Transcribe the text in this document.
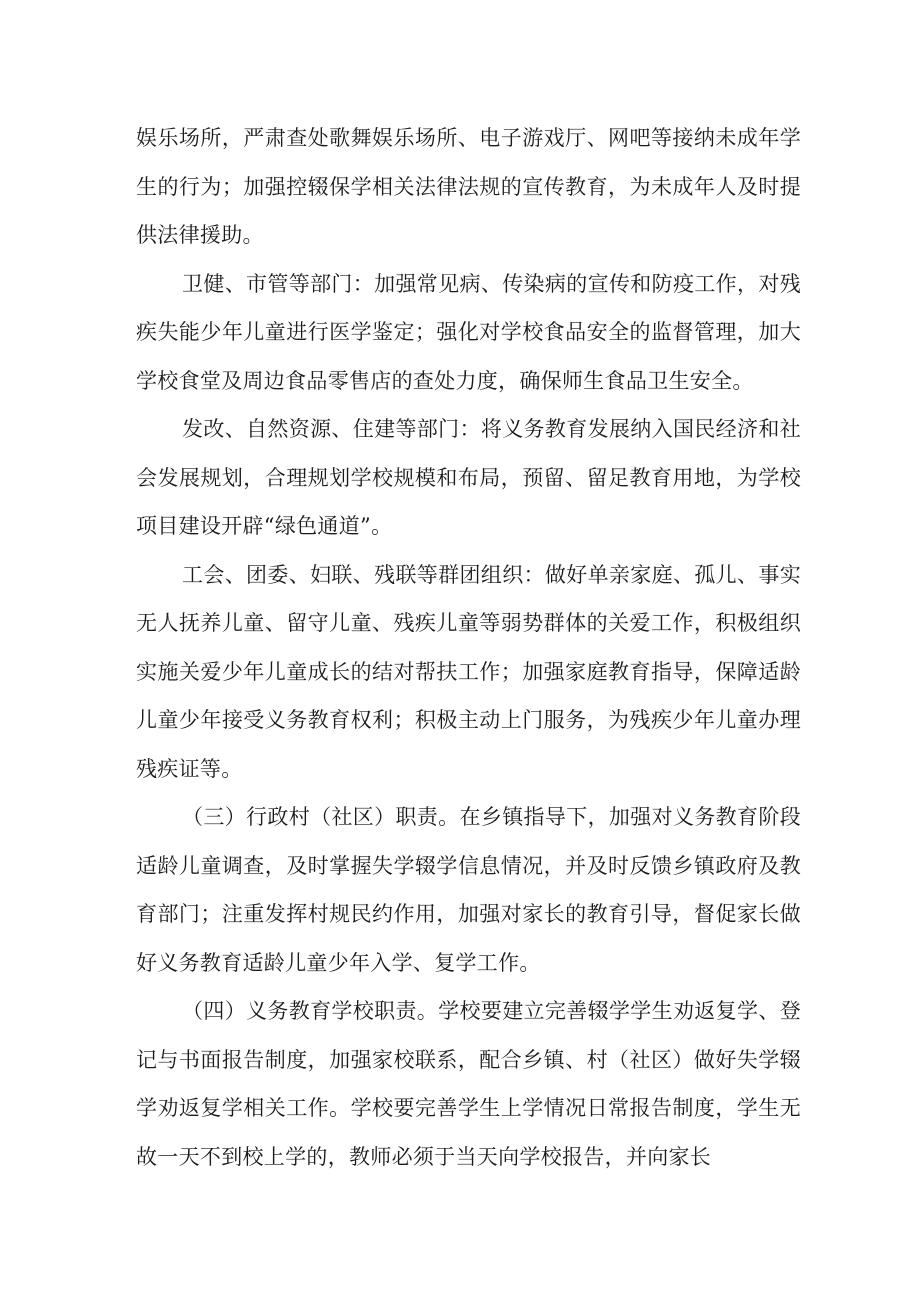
娱乐场所，严肃查处歌舞娱乐场所、电子游戏厅、网吧等接纳未成年学生的行为；加强控辍保学相关法律法规的宣传教育，为未成年人及时提供法律援助。

卫健、市管等部门：加强常见病、传染病的宣传和防疫工作，对残疾失能少年儿童进行医学鉴定；强化对学校食品安全的监督管理，加大学校食堂及周边食品零售店的查处力度，确保师生食品卫生安全。

发改、自然资源、住建等部门：将义务教育发展纳入国民经济和社会发展规划，合理规划学校规模和布局，预留、留足教育用地，为学校项目建设开辟“绿色通道”。

工会、团委、妇联、残联等群团组织：做好单亲家庭、孤儿、事实无人抚养儿童、留守儿童、残疾儿童等弱势群体的关爱工作，积极组织实施关爱少年儿童成长的结对帮扶工作；加强家庭教育指导，保障适龄儿童少年接受义务教育权利；积极主动上门服务，为残疾少年儿童办理残疾证等。

（三）行政村（社区）职责。在乡镇指导下，加强对义务教育阶段适龄儿童调查，及时掌握失学辍学信息情况，并及时反馈乡镇政府及教育部门；注重发挥村规民约作用，加强对家长的教育引导，督促家长做好义务教育适龄儿童少年入学、复学工作。

（四）义务教育学校职责。学校要建立完善辍学学生劝返复学、登记与书面报告制度，加强家校联系，配合乡镇、村（社区）做好失学辍学劝返复学相关工作。学校要完善学生上学情况日常报告制度，学生无故一天不到校上学的，教师必须于当天向学校报告，并向家长
